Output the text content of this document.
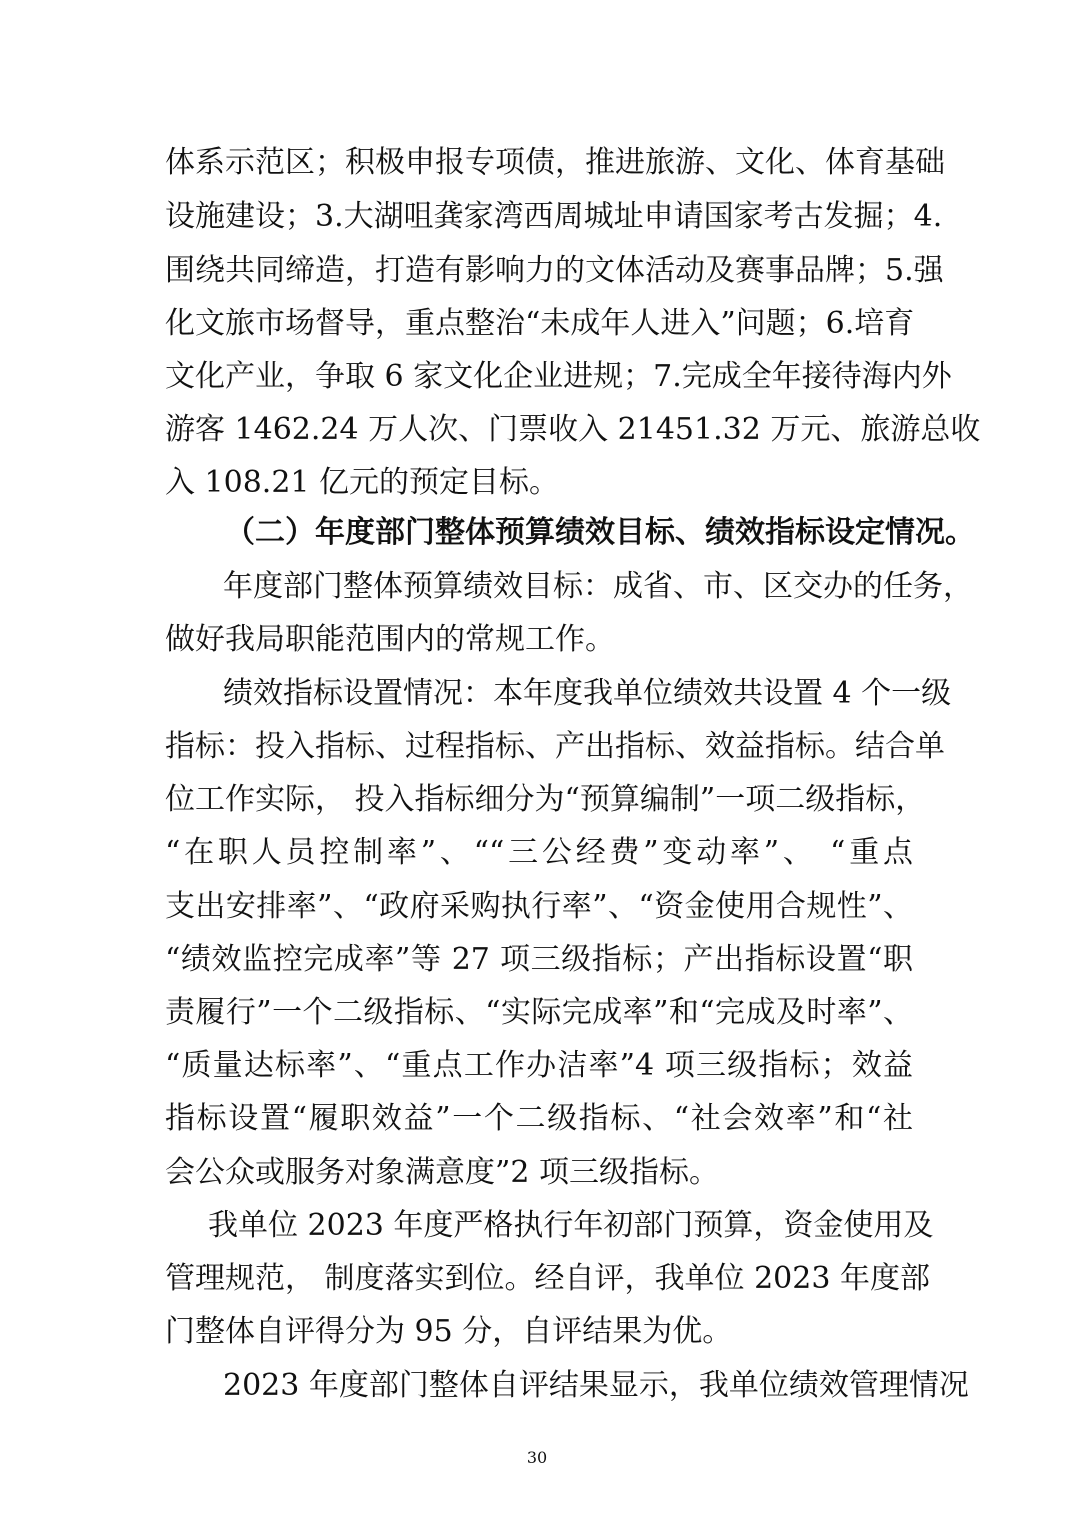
体系示范区；积极申报专项债，推进旅游、文化、体育基础
设施建设；3.大湖咀龚家湾西周城址申请国家考古发掘；4.
围绕共同缔造，打造有影响力的文体活动及赛事品牌；5.强
化文旅市场督导，重点整治“未成年人进入”问题；6.培育
文化产业，争取 6 家文化企业进规；7.完成全年接待海内外
游客 1462.24 万人次、门票收入 21451.32 万元、旅游总收
入 108.21 亿元的预定目标。
（二）年度部门整体预算绩效目标、绩效指标设定情况。
年度部门整体预算绩效目标：成省、市、区交办的任务，
做好我局职能范围内的常规工作。
绩效指标设置情况：本年度我单位绩效共设置 4 个一级
指标：投入指标、过程指标、产出指标、效益指标。结合单
位工作实际， 投入指标细分为“预算编制”一项二级指标，
“在职人员控制率”、““三公经费”变动率”、 “重点
支出安排率”、“政府采购执行率”、“资金使用合规性”、
“绩效监控完成率”等 27 项三级指标；产出指标设置“职
责履行”一个二级指标、“实际完成率”和“完成及时率”、
“质量达标率”、“重点工作办洁率”4 项三级指标；效益
指标设置“履职效益”一个二级指标、“社会效率”和“社
会公众或服务对象满意度”2 项三级指标。
我单位 2023 年度严格执行年初部门预算，资金使用及
管理规范， 制度落实到位。经自评，我单位 2023 年度部
门整体自评得分为 95 分，自评结果为优。
2023 年度部门整体自评结果显示，我单位绩效管理情况
30
